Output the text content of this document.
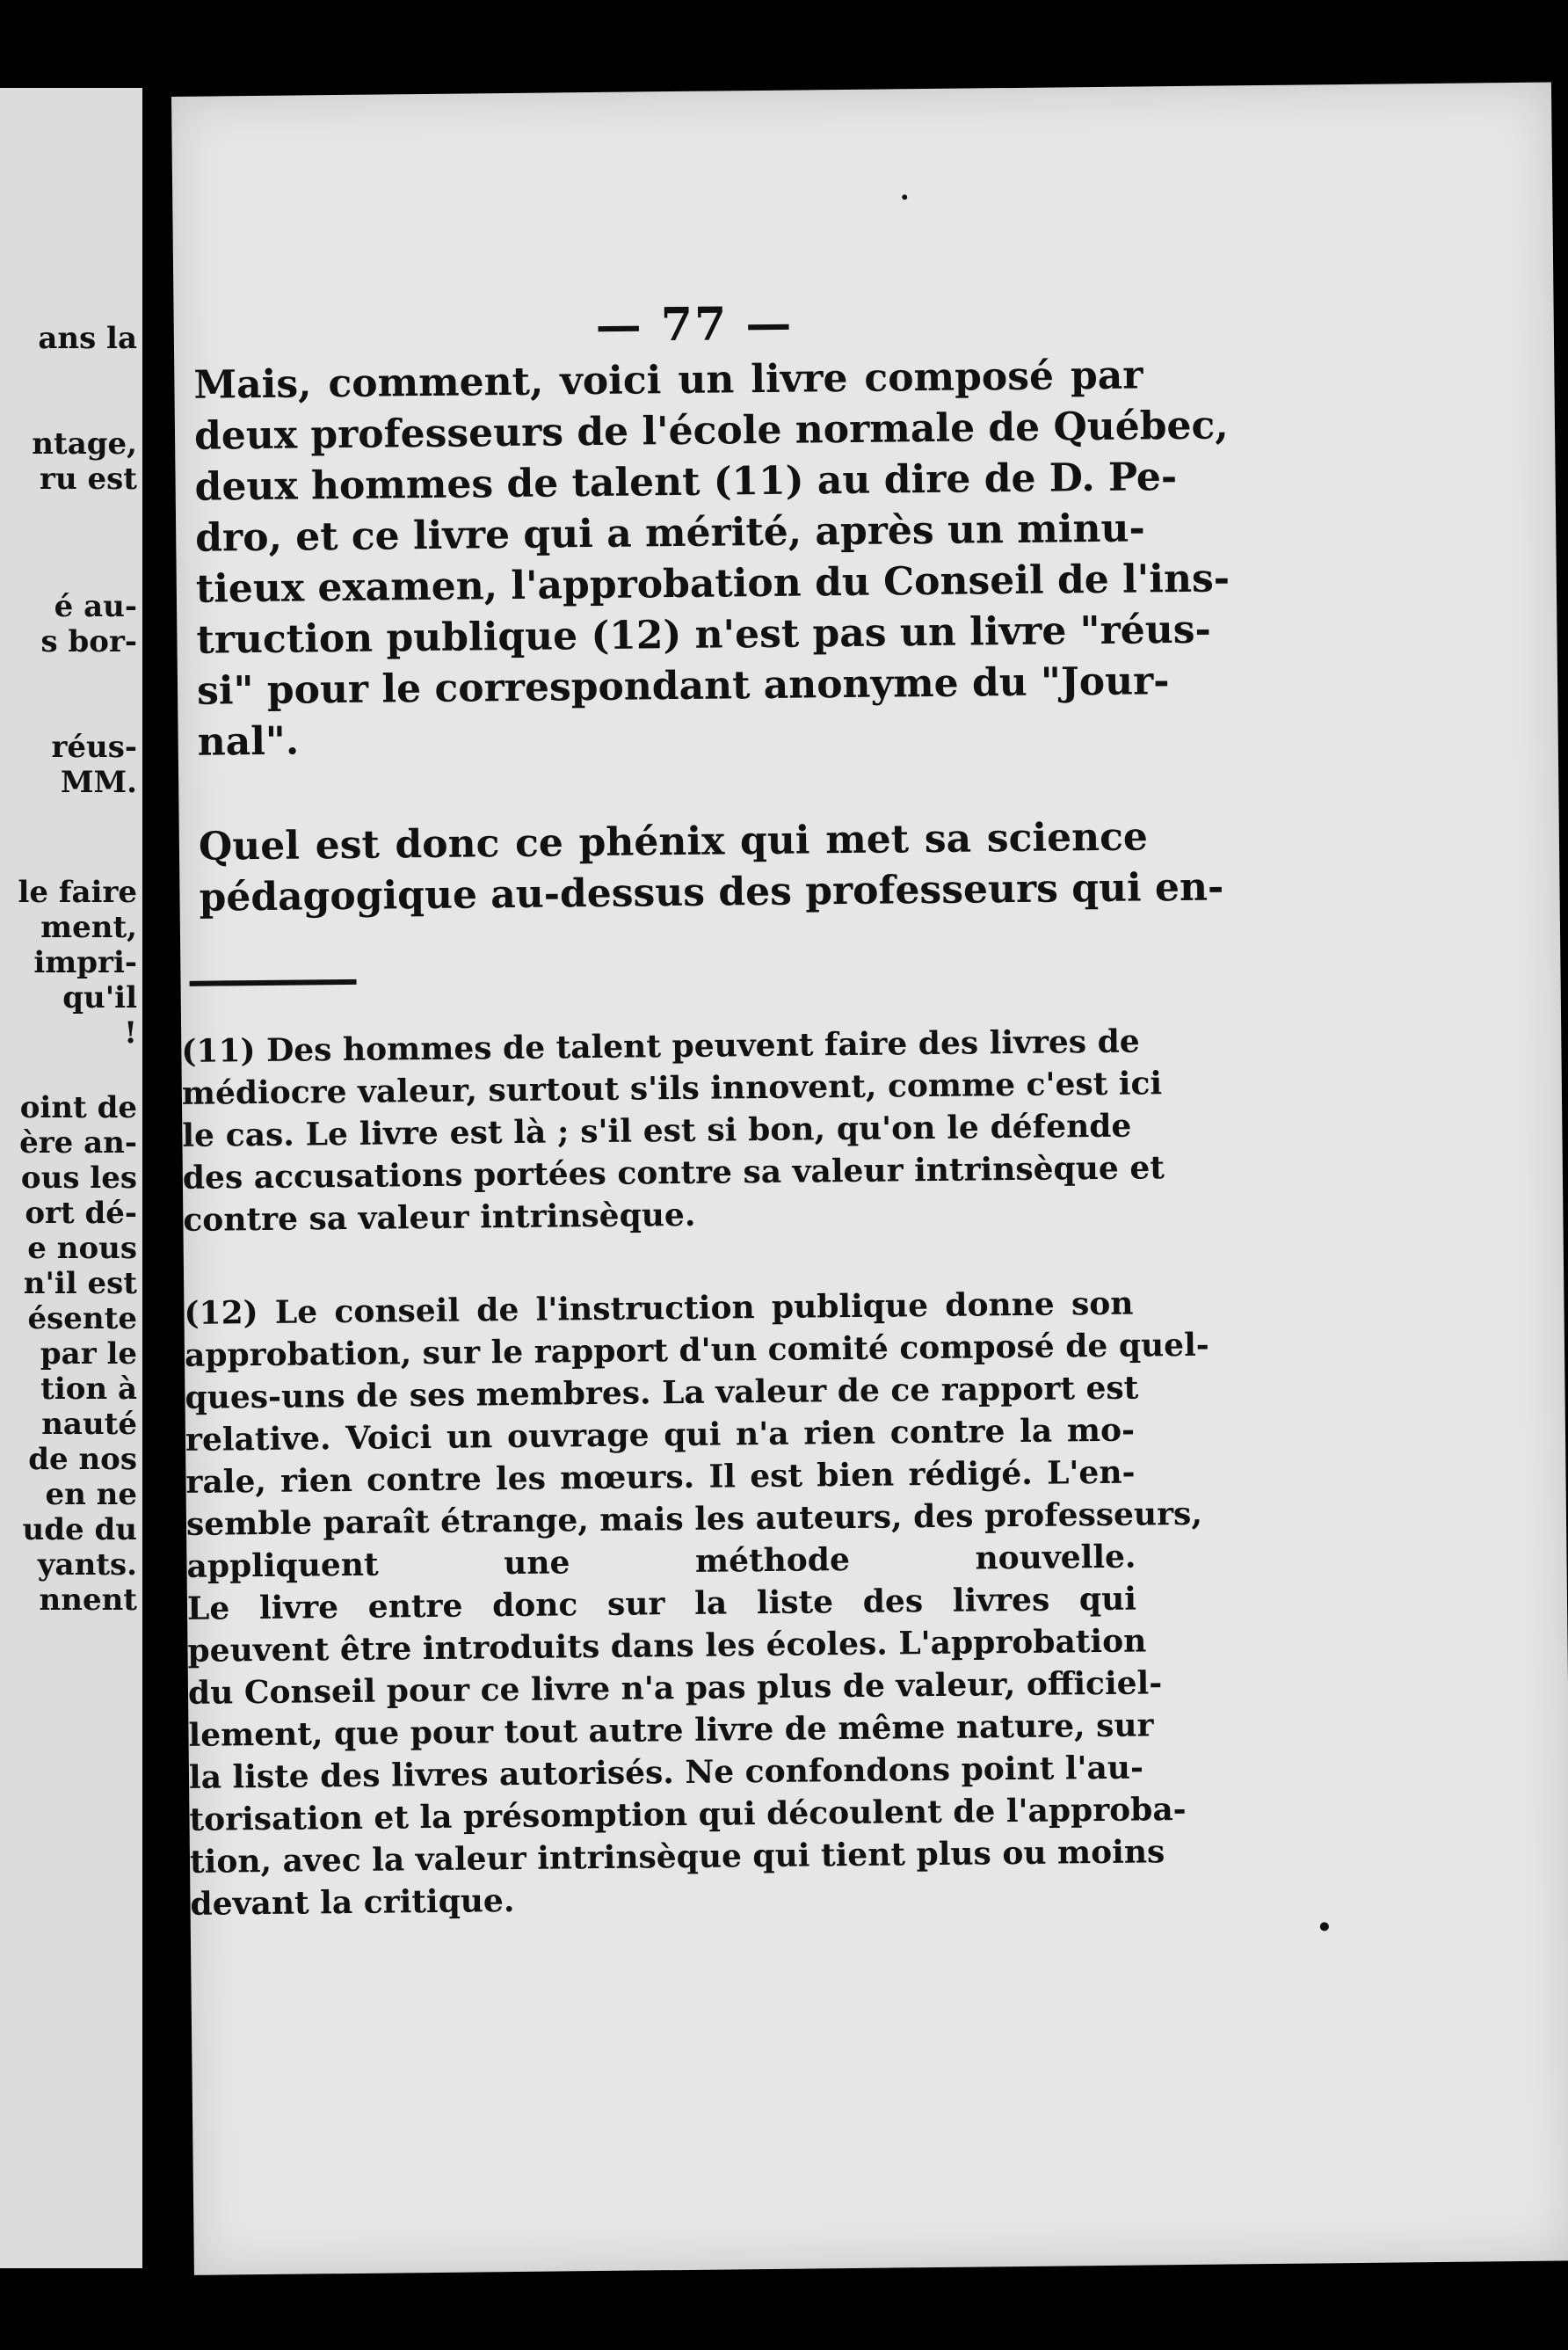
ans la
ntage,
ru est
é au-
s bor-
réus-
MM.
le faire
ment,
impri-
qu'il
!
oint de
ère an-
ous les
ort dé-
e nous
n'il est
ésente
par le
tion à
nauté
de nos
en ne
ude du
yants.
nnent
— 77 —
Mais, comment, voici un livre composé par
deux professeurs de l'école normale de Québec,
deux hommes de talent (11) au dire de D. Pe-
dro, et ce livre qui a mérité, après un minu-
tieux examen, l'approbation du Conseil de l'ins-
truction publique (12) n'est pas un livre "réus-
si" pour le correspondant anonyme du "Jour-
nal".
Quel est donc ce phénix qui met sa science
pédagogique au-dessus des professeurs qui en-
(11) Des hommes de talent peuvent faire des livres de
médiocre valeur, surtout s'ils innovent, comme c'est ici
le cas. Le livre est là ; s'il est si bon, qu'on le défende
des accusations portées contre sa valeur intrinsèque et
contre sa valeur intrinsèque.
(12) Le conseil de l'instruction publique donne son
approbation, sur le rapport d'un comité composé de quel-
ques-uns de ses membres. La valeur de ce rapport est
relative. Voici un ouvrage qui n'a rien contre la mo-
rale, rien contre les mœurs. Il est bien rédigé. L'en-
semble paraît étrange, mais les auteurs, des professeurs,
appliquent une méthode nouvelle.
Le livre entre donc sur la liste des livres qui
peuvent être introduits dans les écoles. L'approbation
du Conseil pour ce livre n'a pas plus de valeur, officiel-
lement, que pour tout autre livre de même nature, sur
la liste des livres autorisés. Ne confondons point l'au-
torisation et la présomption qui découlent de l'approba-
tion, avec la valeur intrinsèque qui tient plus ou moins
devant la critique.
